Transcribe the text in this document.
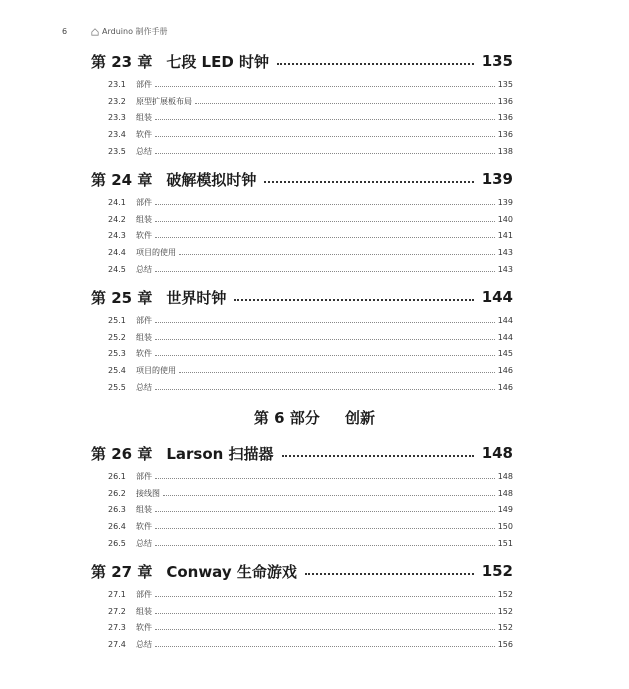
6	Arduino 制作手册
第 23 章 七段 LED 时钟	135
23.1	部件	135
23.2	原型扩展板布局	136
23.3	组装	136
23.4	软件	136
23.5	总结	138
第 24 章 破解模拟时钟	139
24.1	部件	139
24.2	组装	140
24.3	软件	141
24.4	项目的使用	143
24.5	总结	143
第 25 章 世界时钟	144
25.1	部件	144
25.2	组装	144
25.3	软件	145
25.4	项目的使用	146
25.5	总结	146
第 6 部分 创新
第 26 章 Larson 扫描器	148
26.1	部件	148
26.2	接线图	148
26.3	组装	149
26.4	软件	150
26.5	总结	151
第 27 章 Conway 生命游戏	152
27.1	部件	152
27.2	组装	152
27.3	软件	152
27.4	总结	156
